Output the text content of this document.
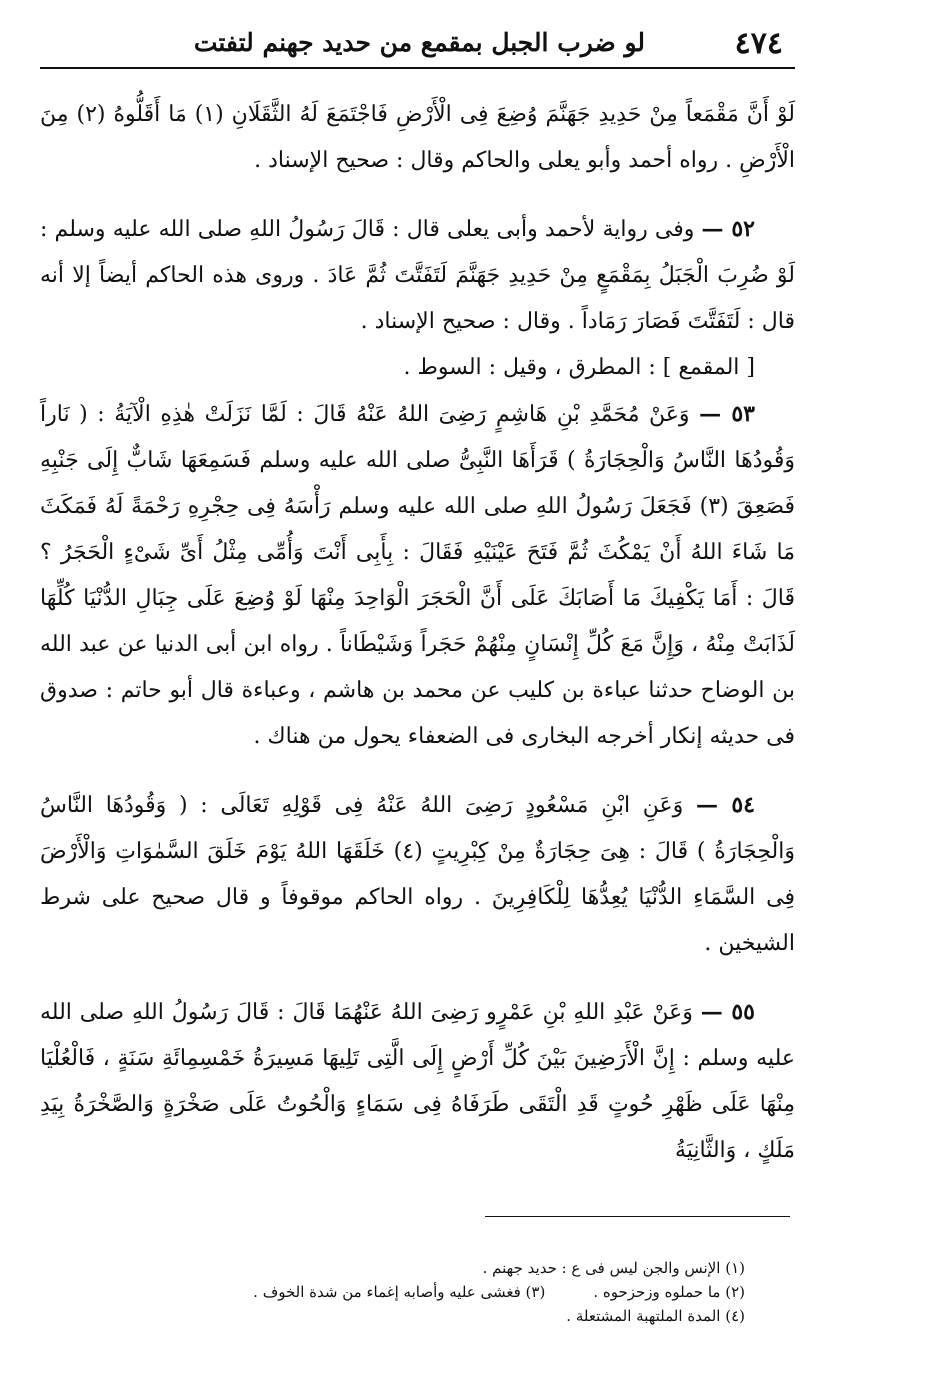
٤٧٤
لو ضرب الجبل بمقمع من حديد جهنم لتفتت

لَوْ أَنَّ مَقْمَعاً مِنْ حَدِيدِ جَهَنَّمَ وُضِعَ فِى الْأَرْضِ فَاجْتَمَعَ لَهُ الثَّقَلَانِ (١) مَا أَقَلُّوهُ (٢) مِنَ الْأَرْضِ . رواه أحمد وأبو يعلى والحاكم وقال : صحيح الإسناد .

٥٢ — وفى رواية لأحمد وأبى يعلى قال : قَالَ رَسُولُ اللهِ صلى الله عليه وسلم : لَوْ ضُرِبَ الْجَبَلُ بِمَقْمَعٍ مِنْ حَدِيدِ جَهَنَّمَ لَتَفَتَّتَ ثُمَّ عَادَ . وروى هذه الحاكم أيضاً إلا أنه قال : لَتَفَتَّتَ فَصَارَ رَمَاداً . وقال : صحيح الإسناد .

[ المقمع ] : المطرق ، وقيل : السوط .

٥٣ — وَعَنْ مُحَمَّدِ بْنِ هَاشِمٍ رَضِىَ اللهُ عَنْهُ قَالَ : لَمَّا نَزَلَتْ هٰذِهِ الْآيَةُ : ( نَاراً وَقُودُهَا النَّاسُ وَالْحِجَارَةُ ) قَرَأَهَا النَّبِىُّ صلى الله عليه وسلم فَسَمِعَهَا شَابٌّ إِلَى جَنْبِهِ فَصَعِقَ (٣) فَجَعَلَ رَسُولُ اللهِ صلى الله عليه وسلم رَأْسَهُ فِى حِجْرِهِ رَحْمَةً لَهُ فَمَكَثَ مَا شَاءَ اللهُ أَنْ يَمْكُثَ ثُمَّ فَتَحَ عَيْنَيْهِ فَقَالَ : بِأَبِى أَنْتَ وَأُمِّى مِثْلُ أَىِّ شَىْءٍ الْحَجَرُ ؟ قَالَ : أَمَا يَكْفِيكَ مَا أَصَابَكَ عَلَى أَنَّ الْحَجَرَ الْوَاحِدَ مِنْهَا لَوْ وُضِعَ عَلَى جِبَالِ الدُّنْيَا كُلِّهَا لَذَابَتْ مِنْهُ ، وَإِنَّ مَعَ كُلِّ إِنْسَانٍ مِنْهُمْ حَجَراً وَشَيْطَاناً . رواه ابن أبى الدنيا عن عبد الله بن الوضاح حدثنا عباءة بن كليب عن محمد بن هاشم ، وعباءة قال أبو حاتم : صدوق فى حديثه إنكار أخرجه البخارى فى الضعفاء يحول من هناك .

٥٤ — وَعَنِ ابْنِ مَسْعُودٍ رَضِىَ اللهُ عَنْهُ فِى قَوْلِهِ تَعَالَى : ( وَقُودُهَا النَّاسُ وَالْحِجَارَةُ ) قَالَ : هِىَ حِجَارَةٌ مِنْ كِبْرِيتٍ (٤) خَلَقَهَا اللهُ يَوْمَ خَلَقَ السَّمٰوَاتِ وَالْأَرْضَ فِى السَّمَاءِ الدُّنْيَا يُعِدُّهَا لِلْكَافِرِينَ . رواه الحاكم موقوفاً و قال صحيح على شرط الشيخين .

٥٥ — وَعَنْ عَبْدِ اللهِ بْنِ عَمْرٍو رَضِىَ اللهُ عَنْهُمَا قَالَ : قَالَ رَسُولُ اللهِ صلى الله عليه وسلم : إِنَّ الْأَرَضِينَ بَيْنَ كُلِّ أَرْضٍ إِلَى الَّتِى تَلِيهَا مَسِيرَةُ خَمْسِمِائَةِ سَنَةٍ ، فَالْعُلْيَا مِنْهَا عَلَى ظَهْرِ حُوتٍ قَدِ الْتَقَى طَرَفَاهُ فِى سَمَاءٍ وَالْحُوتُ عَلَى صَخْرَةٍ وَالصَّخْرَةُ بِيَدِ مَلَكٍ ، وَالثَّانِيَةُ

(١) الإنس والجن ليس فى ع : حديد جهنم .
(٢) ما حملوه وزحزحوه .
(٣) فغشى عليه وأصابه إغماء من شدة الخوف .
(٤) المدة الملتهبة المشتعلة .
